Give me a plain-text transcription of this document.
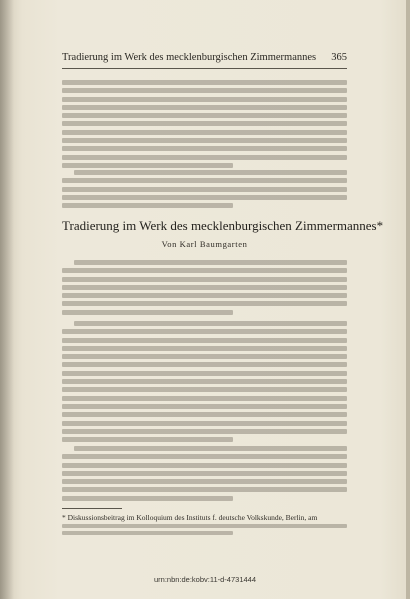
Tradierung im Werk des mecklenburgischen Zimmermannes 365
Tradierung im Werk des mecklenburgischen Zimmermannes*
Von Karl Baumgarten
* Diskussionsbeitrag im Kolloquium des Instituts f. deutsche Volkskunde, Berlin, am
urn:nbn:de:kobv:11-d-4731444
